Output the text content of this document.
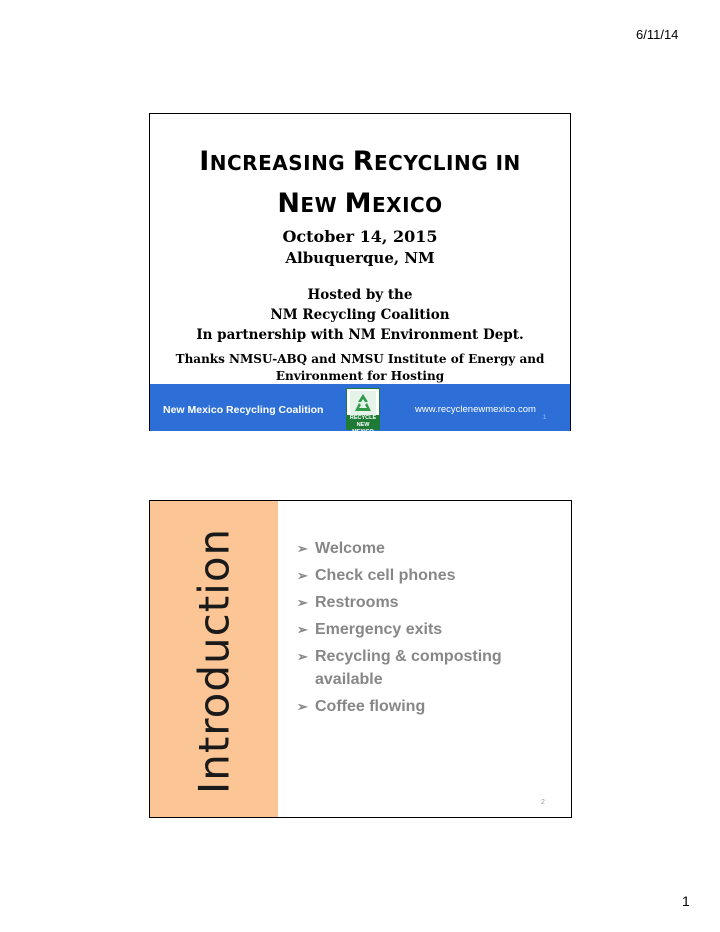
6/11/14
INCREASING RECYCLING IN
NEW MEXICO
October 14, 2015
Albuquerque, NM
Hosted by the
NM Recycling Coalition
In partnership with NM Environment Dept.
Thanks NMSU-ABQ and NMSU Institute of Energy and
Environment for Hosting
New Mexico Recycling Coalition
RECYCLE
NEW MEXICO
www.recyclenewmexico.com
1
Introduction	➢ Welcome
➢ Check cell phones
➢ Restrooms
➢ Emergency exits
➢ Recycling & composting available
➢ Coffee flowing
2
1
